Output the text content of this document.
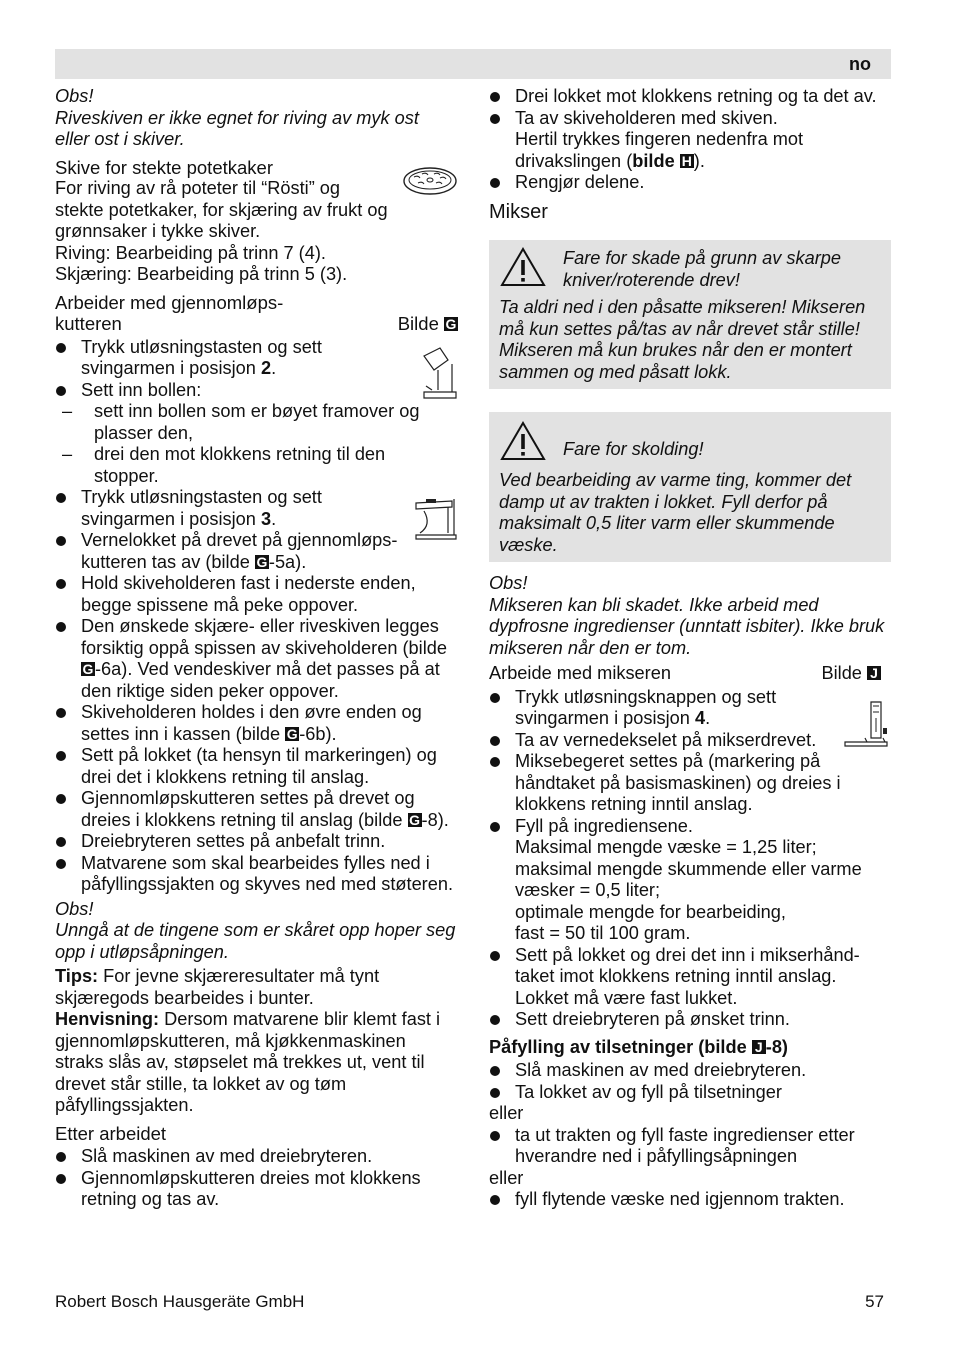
no

Obs!

Riveskiven er ikke egnet for riving av myk ost eller ost i skiver.

Skive for stekte potetkaker

For riving av rå poteter til “Rösti” og

stekte potetkaker, for skjæring av frukt og

grønnsaker i tykke skiver.

Riving: Bearbeiding på trinn 7 (4).

Skjæring: Bearbeiding på trinn 5 (3).

Arbeider med gjennomløps-

kutteren	Bilde G
Trykk utløsningstasten og sett svingarmen i posisjon 2.
Sett inn bollen:
– sett inn bollen som er bøyet framover og plasser den,
– drei den mot klokkens retning til den stopper.
Trykk utløsningstasten og sett svingarmen i posisjon 3.
Vernelokket på drevet på gjennomløps-kutteren tas av (bilde G-5a).
Hold skiveholderen fast i nederste enden, begge spissene må peke oppover.
Den ønskede skjære- eller riveskiven legges forsiktig oppå spissen av skiveholderen (bilde G-6a). Ved vendeskiver må det passes på at den riktige siden peker oppover.
Skiveholderen holdes i den øvre enden og settes inn i kassen (bilde G-6b).
Sett på lokket (ta hensyn til markeringen) og drei det i klokkens retning til anslag.
Gjennomløpskutteren settes på drevet og dreies i klokkens retning til anslag (bilde G-8).
Dreiebryteren settes på anbefalt trinn.
Matvarene som skal bearbeides fylles ned i påfyllingssjakten og skyves ned med støteren.

Obs!

Unngå at de tingene som er skåret opp hoper seg opp i utløpsåpningen.

Tips: For jevne skjæreresultater må tynt skjæregods bearbeides i bunter.

Henvisning: Dersom matvarene blir klemt fast i gjennomløpskutteren, må kjøkkenmaskinen straks slås av, støpselet må trekkes ut, vent til drevet står stille, ta lokket av og tøm påfyllingssjakten.

Etter arbeidet

Slå maskinen av med dreiebryteren.
Gjennomløpskutteren dreies mot klokkens retning og tas av.
Drei lokket mot klokkens retning og ta det av.
Ta av skiveholderen med skiven.
Hertil trykkes fingeren nedenfra mot drivakslingen (bilde H ).
Rengjør delene.

Mikser

Fare for skade på grunn av skarpe kniver/roterende drev!

Ta aldri ned i den påsatte mikseren! Mikseren må kun settes på/tas av når drevet står stille! Mikseren må kun brukes når den er montert sammen og med påsatt lokk.

Fare for skolding!

Ved bearbeiding av varme ting, kommer det damp ut av trakten i lokket. Fyll derfor på maksimalt 0,5 liter varm eller skummende væske.

Obs!

Mikseren kan bli skadet. Ikke arbeid med dypfrosne ingredienser (unntatt isbiter). Ikke bruk mikseren når den er tom.

Arbeide med mikseren	Bilde J
Trykk utløsningsknappen og sett svingarmen i posisjon 4.
Ta av vernedekselet på mikserdrevet.
Miksebegeret settes på (markering på håndtaket på basismaskinen) og dreies i klokkens retning inntil anslag.
Fyll på ingrediensene.
Maksimal mengde væske = 1,25 liter;
maksimal mengde skummende eller varme væsker = 0,5 liter;
optimale mengde for bearbeiding,
fast = 50 til 100 gram.
Sett på lokket og drei det inn i mikserhånd-taket imot klokkens retning inntil anslag. Lokket må være fast lukket.
Sett dreiebryteren på ønsket trinn.

Påfylling av tilsetninger (bilde J -8)

Slå maskinen av med dreiebryteren.
Ta lokket av og fyll på tilsetninger

eller

ta ut trakten og fyll faste ingredienser etter hverandre ned i påfyllingsåpningen

eller

fyll flytende væske ned igjennom trakten.
Robert Bosch Hausgeräte GmbH	57
